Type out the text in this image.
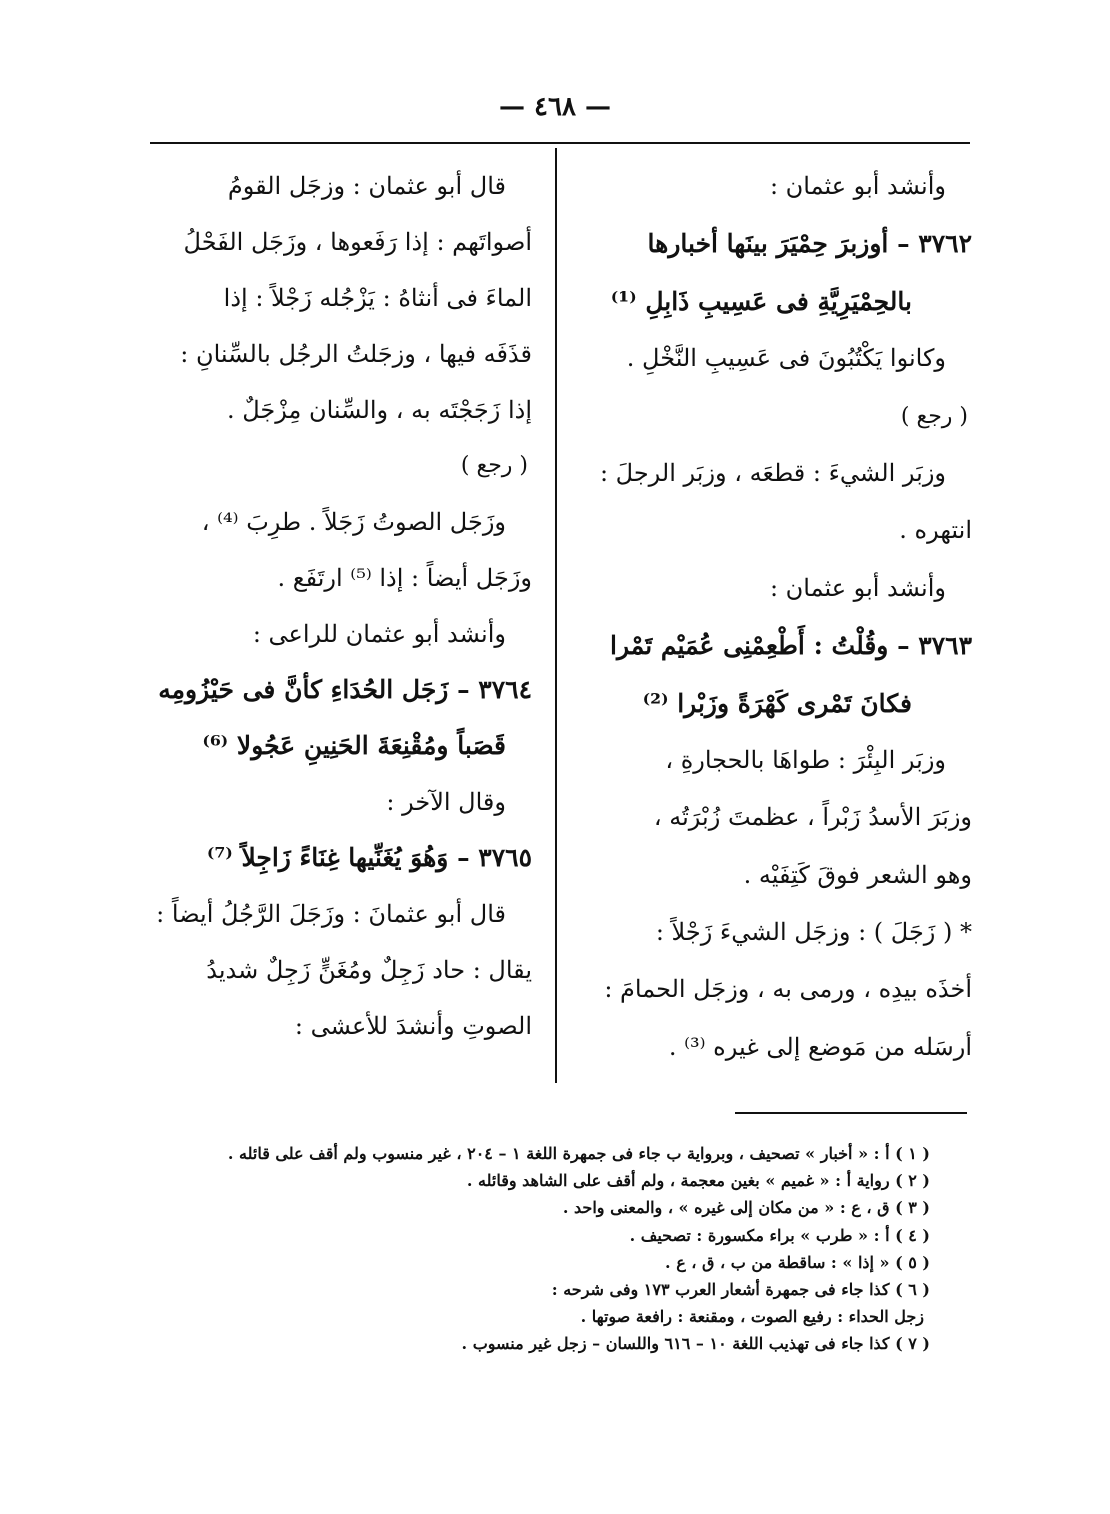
— ٤٦٨ —
وأنشد أبو عثمان :
٣٧٦٢ – أوزبرَ حِمْيَرَ بينَها أخبارها
بالحِمْيَرِيَّةِ فى عَسِيبِ ذَابِلِ ⁽¹⁾
وكانوا يَكْتُبُونَ فى عَسِيبِ النَّخْلِ .
( رجع )
وزبَر الشيءَ : قطعَه ، وزبَر الرجلَ :
انتهره .
وأنشد أبو عثمان :
٣٧٦٣ – وقُلْتُ : أَطْعِمْنِى عُمَيْم تَمْرا
فكانَ تَمْرى كَهْرَةً وزَبْرا ⁽²⁾
وزبَر البِئْرَ : طواهَا بالحجارةِ ،
وزبَرَ الأسدُ زَبْراً ، عظمتَ زُبْرَتُه ،
وهو الشعر فوقَ كَتِفَيْه .
* ( زَجَلَ ) : وزجَل الشيءَ زَجْلاً :
أخذَه بيدِه ، ورمى به ، وزجَل الحمامَ :
أرسَله من مَوضع إلى غيره ⁽³⁾ .
قال أبو عثمان : وزجَل القومُ
أصواتَهم : إذا رَفَعوها ، وزَجَل الفَحْلُ
الماءَ فى أنثاهُ : يَزْجُله زَجْلاً : إذا
قذَفَه فيها ، وزجَلتُ الرجُل بالسِّنانِ :
إذا زَجَجْتَه به ، والسِّنان مِزْجَلٌ .
( رجع )
وزَجَل الصوتُ زَجَلاً . طرِبَ ⁽⁴⁾ ،
وزَجَل أيضاً : إذا ⁽⁵⁾ ارتَفَع .
وأنشد أبو عثمان للراعى :
٣٧٦٤ – زَجَل الحُدَاءِ كأنَّ فى حَيْزُومِه
قَصَباً ومُقْنِعَةَ الحَنِينِ عَجُولا ⁽⁶⁾
وقال الآخر :
٣٧٦٥ – وَهُوَ يُغَنِّيها غِنَاءً زَاجِلاً ⁽⁷⁾
قال أبو عثمانَ : وزَجَلَ الرَّجُلُ أيضاً :
يقال : حاد زَجِلٌ ومُغَنٍّ زَجِلٌ شديدُ
الصوتِ وأنشدَ للأعشى :
( ١ ) أ : « أخبار » تصحيف ، وبرواية ب جاء فى جمهرة اللغة ١ – ٢٠٤ ، غير منسوب ولم أقف على قائله .
( ٢ ) رواية أ : « غميم » بغين معجمة ، ولم أقف على الشاهد وقائله .
( ٣ ) ق ، ع : « من مكان إلى غيره » ، والمعنى واحد .
( ٤ ) أ : « طرب » براء مكسورة : تصحيف .
( ٥ ) « إذا » : ساقطة من ب ، ق ، ع .
( ٦ ) كذا جاء فى جمهرة أشعار العرب ١٧٣ وفى شرحه :
زجل الحداء : رفيع الصوت ، ومقنعة : رافعة صوتها .
( ٧ ) كذا جاء فى تهذيب اللغة ١٠ – ٦١٦ واللسان – زجل غير منسوب .
